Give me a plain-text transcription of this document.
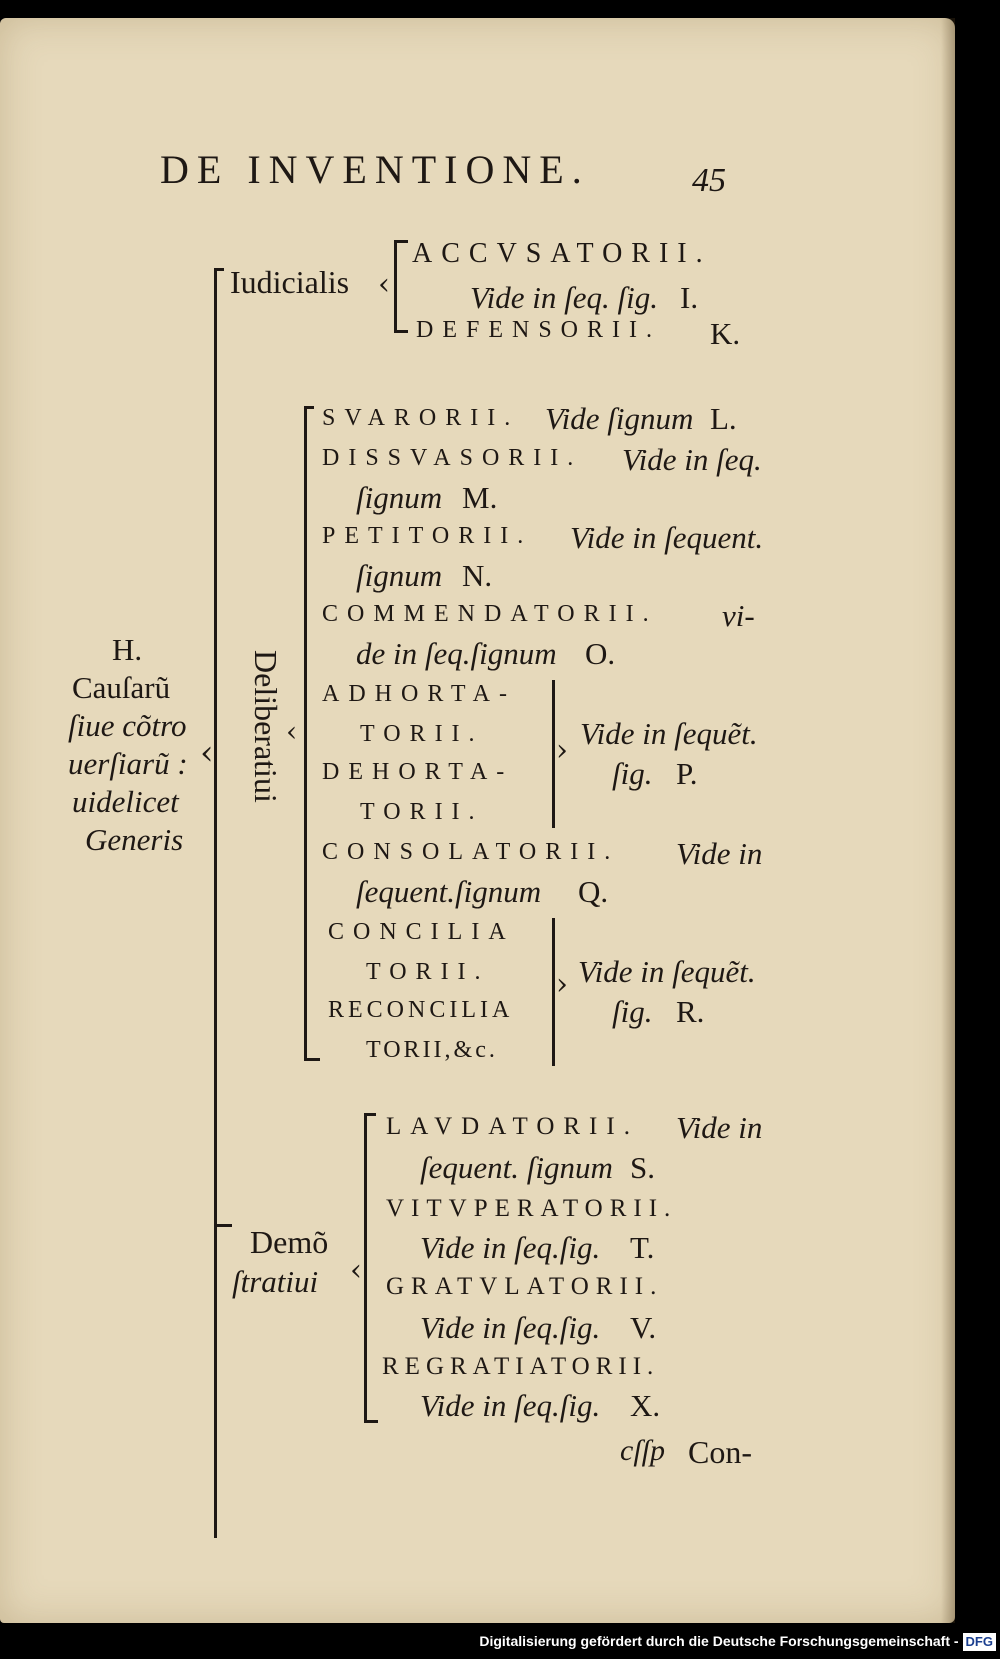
DE INVENTIONE.	45
H.
Cauſarũ
ſiue cõtro
uerſiarũ :
uidelicet
Generis
‹
Iudicialis ‹
ACCVSATORII.
Vide in ſeq. ſig. I.
DEFENSORII. K.
Deliberatiui ‹
SVARORII. Vide ſignum L.
DISSVASORII. Vide in ſeq.
ſignum M.
PETITORII. Vide in ſequent.
ſignum N.
COMMENDATORII. vi-
de in ſeq.ſignum O.
ADHORTA-
TORII.
DEHORTA-
TORII.
› Vide in ſequẽt.
ſig. P.
CONSOLATORII. Vide in
ſequent.ſignum Q.
CONCILIA
TORII.
RECONCILIA
TORII,&c.
› Vide in ſequẽt.
ſig. R.
Demõ
ſtratiui ‹
LAVDATORII. Vide in
ſequent. ſignum S.
VITVPERATORII.
Vide in ſeq.ſig. T.
GRATVLATORII.
Vide in ſeq.ſig. V.
REGRATIATORII.
Vide in ſeq.ſig. X.
cſſp Con-
Digitalisierung gefördert durch die Deutsche Forschungsgemeinschaft - DFG
